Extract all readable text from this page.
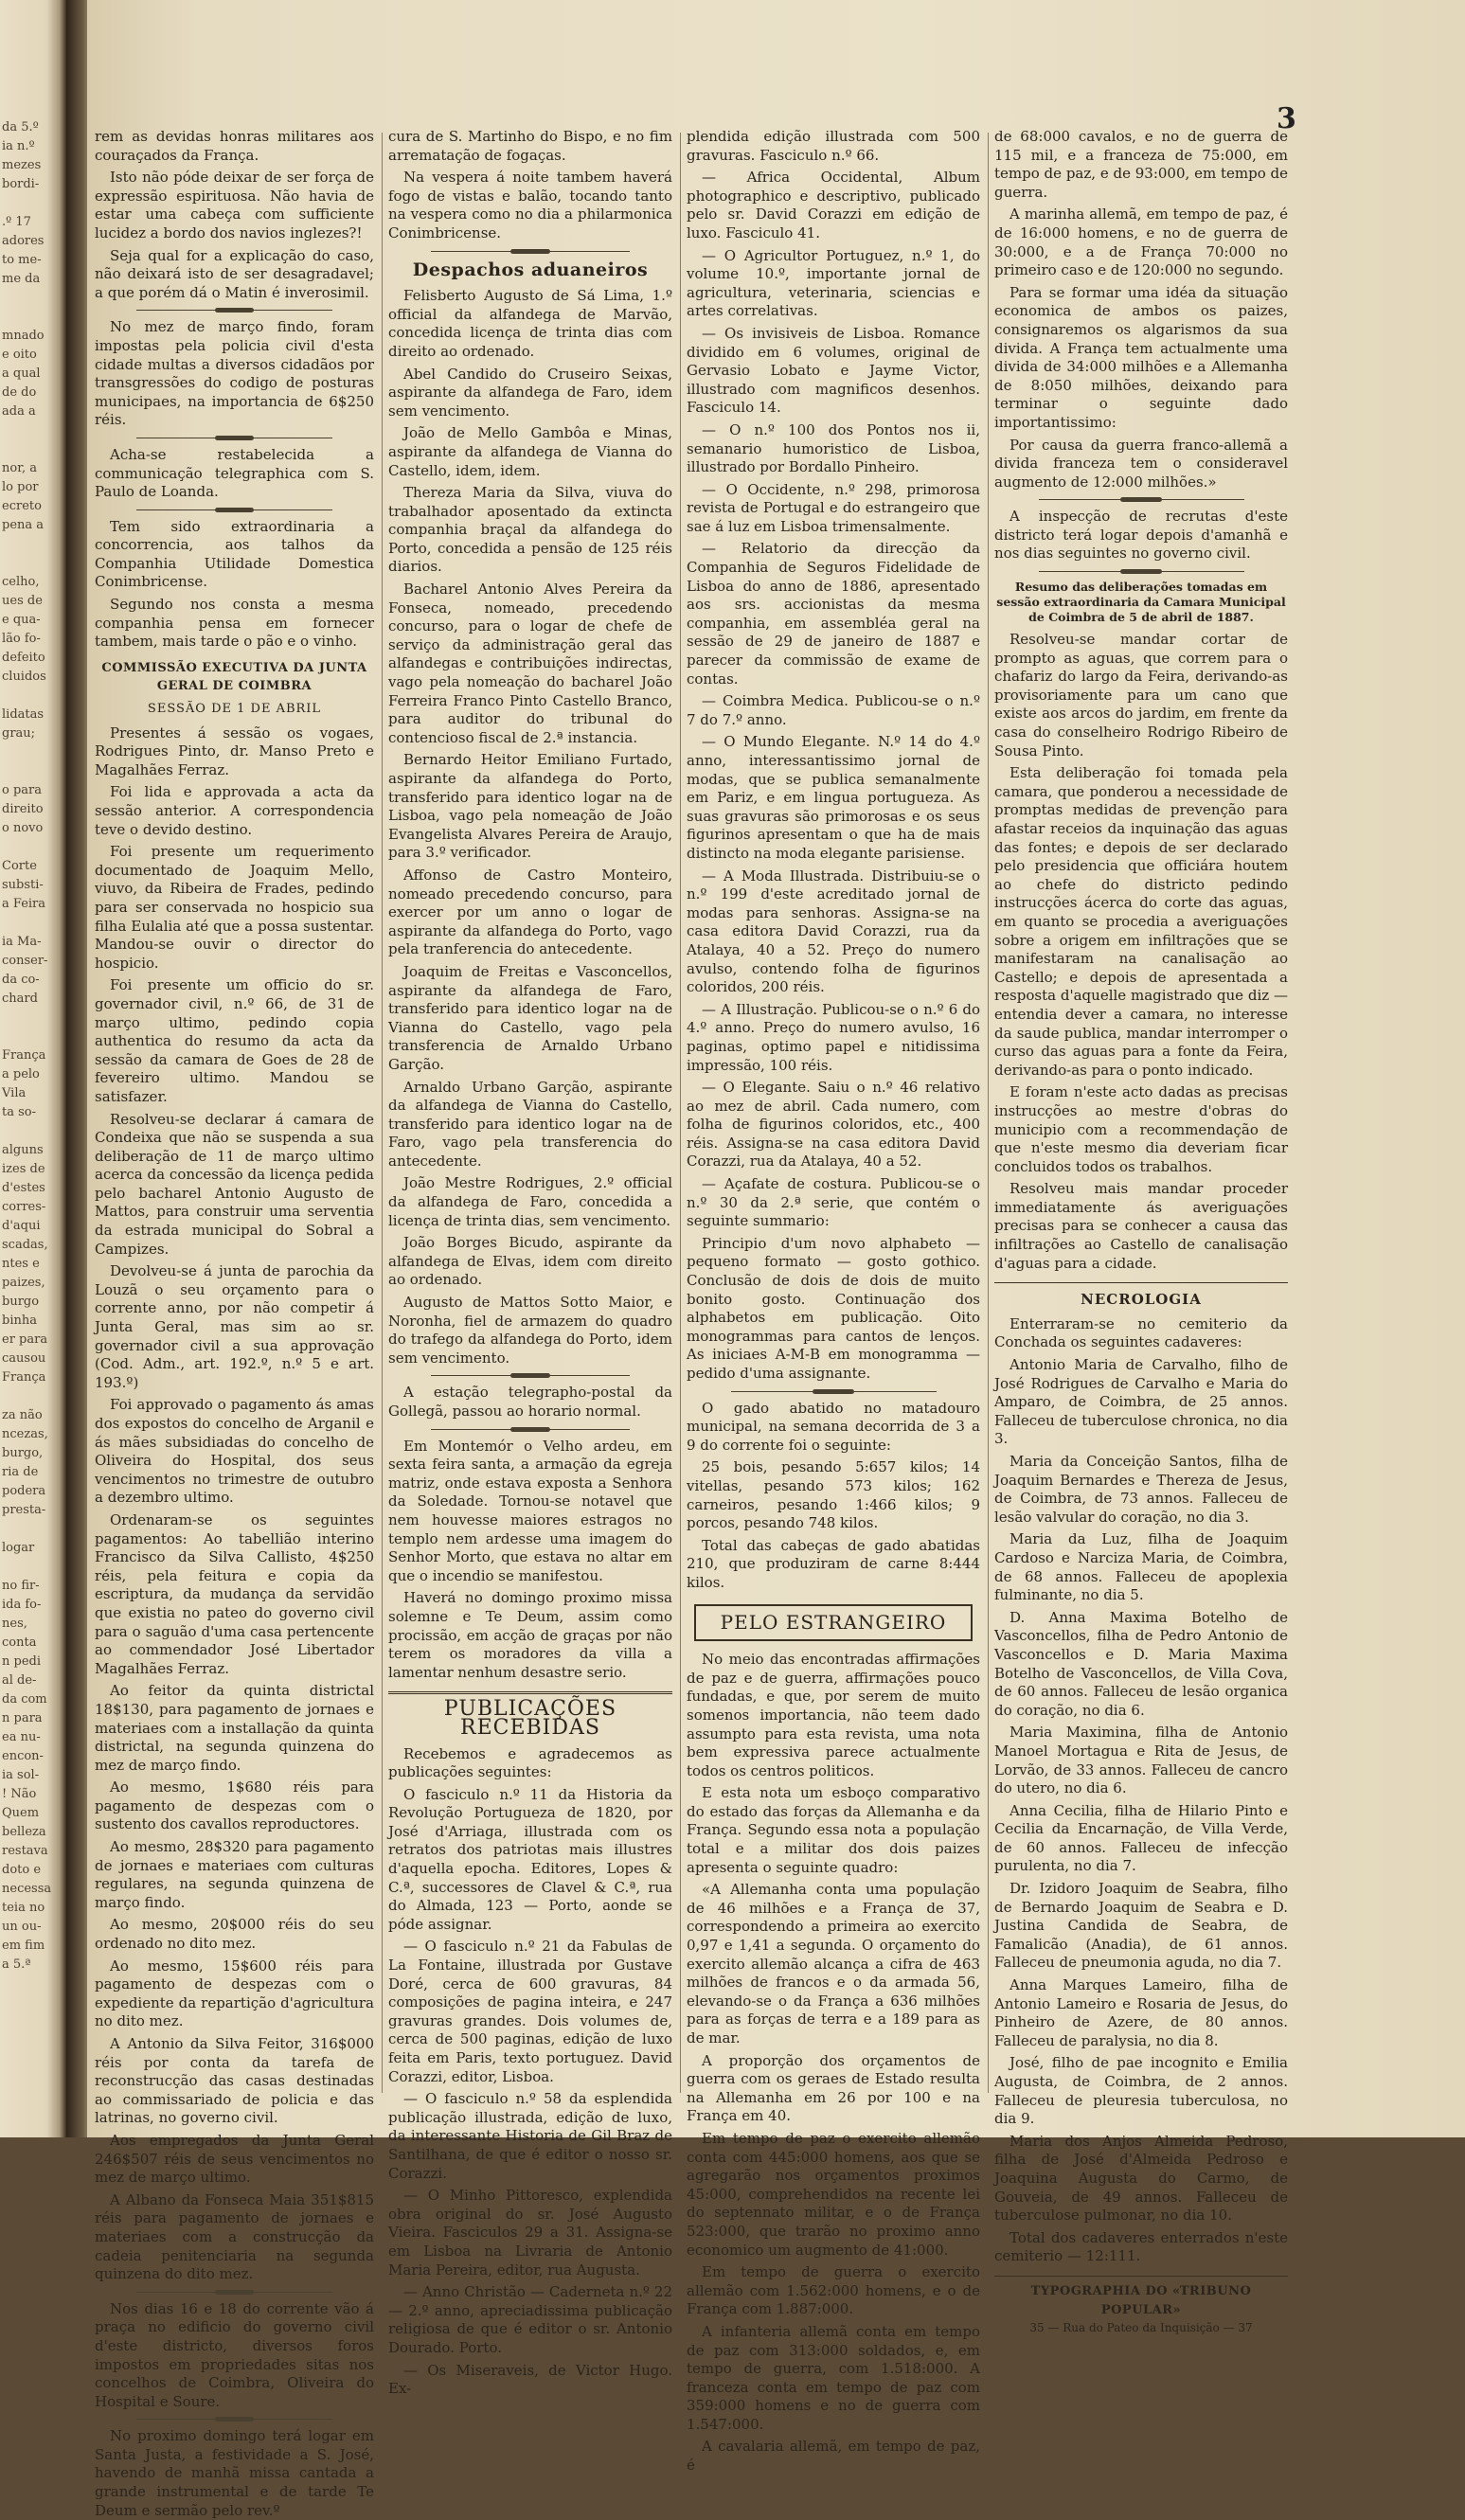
da 5.º
ia n.º
mezes
bordi-

.º 17
adores
to me-
me da

mnado
e oito
a qual
de do
ada a

nor, a
lo por
ecreto
pena a

celho,
ues de
e qua-
lão fo-
defeito
cluidos

lidatas
grau;

o para
direito
o novo

Corte
substi-
a Feira

ia Ma-
conser-
da co-
chard

França
a pelo
Vila
ta so-

alguns
izes de
d'estes
corres-
d'aqui
scadas,
ntes e
paizes,
burgo
binha
er para
causou
França

za não
ncezas,
burgo,
ria de
podera
presta-

logar

no fir-
ida fo-
nes,
conta
n pedi
al de-
da com
n para
ea nu-
encon-
ia sol-
! Não
Quem
belleza
restava
doto e
necessa
teia no
un ou-
em fim
a 5.ª
3

rem as devidas honras militares aos couraçados da França.

Isto não póde deixar de ser força de expressão espirituosa. Não havia de estar uma cabeça com sufficiente lucidez a bordo dos navios inglezes?!

Seja qual for a explicação do caso, não deixará isto de ser desagradavel; a que porém dá o Matin é inverosimil.

No mez de março findo, foram impostas pela policia civil d'esta cidade multas a diversos cidadãos por transgressões do codigo de posturas municipaes, na importancia de 6$250 réis.

Acha-se restabelecida a communicação telegraphica com S. Paulo de Loanda.

Tem sido extraordinaria a concorrencia, aos talhos da Companhia Utilidade Domestica Conimbricense.

Segundo nos consta a mesma companhia pensa em fornecer tambem, mais tarde o pão e o vinho.

COMMISSÃO EXECUTIVA DA JUNTA GERAL DE COIMBRA
SESSÃO DE 1 DE ABRIL

Presentes á sessão os vogaes, Rodrigues Pinto, dr. Manso Preto e Magalhães Ferraz.

Foi lida e approvada a acta da sessão anterior. A correspondencia teve o devido destino.

Foi presente um requerimento documentado de Joaquim Mello, viuvo, da Ribeira de Frades, pedindo para ser conservada no hospicio sua filha Eulalia até que a possa sustentar. Mandou-se ouvir o director do hospicio.

Foi presente um officio do sr. governador civil, n.º 66, de 31 de março ultimo, pedindo copia authentica do resumo da acta da sessão da camara de Goes de 28 de fevereiro ultimo. Mandou se satisfazer.

Resolveu-se declarar á camara de Condeixa que não se suspenda a sua deliberação de 11 de março ultimo acerca da concessão da licença pedida pelo bacharel Antonio Augusto de Mattos, para construir uma serventia da estrada municipal do Sobral a Campizes.

Devolveu-se á junta de parochia da Louzã o seu orçamento para o corrente anno, por não competir á Junta Geral, mas sim ao sr. governador civil a sua approvação (Cod. Adm., art. 192.º, n.º 5 e art. 193.º)

Foi approvado o pagamento ás amas dos expostos do concelho de Arganil e ás mães subsidiadas do concelho de Oliveira do Hospital, dos seus vencimentos no trimestre de outubro a dezembro ultimo.

Ordenaram-se os seguintes pagamentos: Ao tabellião interino Francisco da Silva Callisto, 4$250 réis, pela feitura e copia da escriptura, da mudança da servidão que existia no pateo do governo civil para o saguão d'uma casa pertencente ao commendador José Libertador Magalhães Ferraz.

Ao feitor da quinta districtal 18$130, para pagamento de jornaes e materiaes com a installação da quinta districtal, na segunda quinzena do mez de março findo.

Ao mesmo, 1$680 réis para pagamento de despezas com o sustento dos cavallos reproductores.

Ao mesmo, 28$320 para pagamento de jornaes e materiaes com culturas regulares, na segunda quinzena de março findo.

Ao mesmo, 20$000 réis do seu ordenado no dito mez.

Ao mesmo, 15$600 réis para pagamento de despezas com o expediente da repartição d'agricultura no dito mez.

A Antonio da Silva Feitor, 316$000 réis por conta da tarefa de reconstrucção das casas destinadas ao commissariado de policia e das latrinas, no governo civil.

Aos empregados da Junta Geral 246$507 réis de seus vencimentos no mez de março ultimo.

A Albano da Fonseca Maia 351$815 réis para pagamento de jornaes e materiaes com a construcção da cadeia penitenciaria na segunda quinzena do dito mez.

Nos dias 16 e 18 do corrente vão á praça no edificio do governo civil d'este districto, diversos foros impostos em propriedades sitas nos concelhos de Coimbra, Oliveira do Hospital e Soure.

No proximo domingo terá logar em Santa Justa, a festividade a S. José, havendo de manhã missa cantada a grande instrumental e de tarde Te Deum e sermão pelo rev.º

cura de S. Martinho do Bispo, e no fim arrematação de fogaças.

Na vespera á noite tambem haverá fogo de vistas e balão, tocando tanto na vespera como no dia a philarmonica Conimbricense.

Despachos aduaneiros

Felisberto Augusto de Sá Lima, 1.º official da alfandega de Marvão, concedida licença de trinta dias com direito ao ordenado.

Abel Candido do Cruseiro Seixas, aspirante da alfandega de Faro, idem sem vencimento.

João de Mello Gambôa e Minas, aspirante da alfandega de Vianna do Castello, idem, idem.

Thereza Maria da Silva, viuva do trabalhador aposentado da extincta companhia braçal da alfandega do Porto, concedida a pensão de 125 réis diarios.

Bacharel Antonio Alves Pereira da Fonseca, nomeado, precedendo concurso, para o logar de chefe de serviço da administração geral das alfandegas e contribuições indirectas, vago pela nomeação do bacharel João Ferreira Franco Pinto Castello Branco, para auditor do tribunal do contencioso fiscal de 2.ª instancia.

Bernardo Heitor Emiliano Furtado, aspirante da alfandega do Porto, transferido para identico logar na de Lisboa, vago pela nomeação de João Evangelista Alvares Pereira de Araujo, para 3.º verificador.

Affonso de Castro Monteiro, nomeado precedendo concurso, para exercer por um anno o logar de aspirante da alfandega do Porto, vago pela tranferencia do antecedente.

Joaquim de Freitas e Vasconcellos, aspirante da alfandega de Faro, transferido para identico logar na de Vianna do Castello, vago pela transferencia de Arnaldo Urbano Garção.

Arnaldo Urbano Garção, aspirante da alfandega de Vianna do Castello, transferido para identico logar na de Faro, vago pela transferencia do antecedente.

João Mestre Rodrigues, 2.º official da alfandega de Faro, concedida a licença de trinta dias, sem vencimento.

João Borges Bicudo, aspirante da alfandega de Elvas, idem com direito ao ordenado.

Augusto de Mattos Sotto Maior, e Noronha, fiel de armazem do quadro do trafego da alfandega do Porto, idem sem vencimento.

A estação telegrapho-postal da Gollegã, passou ao horario normal.

Em Montemór o Velho ardeu, em sexta feira santa, a armação da egreja matriz, onde estava exposta a Senhora da Soledade. Tornou-se notavel que nem houvesse maiores estragos no templo nem ardesse uma imagem do Senhor Morto, que estava no altar em que o incendio se manifestou.

Haverá no domingo proximo missa solemne e Te Deum, assim como procissão, em acção de graças por não terem os moradores da villa a lamentar nenhum desastre serio.

PUBLICAÇÕES RECEBIDAS

Recebemos e agradecemos as publicações seguintes:

O fasciculo n.º 11 da Historia da Revolução Portugueza de 1820, por José d'Arriaga, illustrada com os retratos dos patriotas mais illustres d'aquella epocha. Editores, Lopes & C.ª, successores de Clavel & C.ª, rua do Almada, 123 — Porto, aonde se póde assignar.

— O fasciculo n.º 21 da Fabulas de La Fontaine, illustrada por Gustave Doré, cerca de 600 gravuras, 84 composições de pagina inteira, e 247 gravuras grandes. Dois volumes de, cerca de 500 paginas, edição de luxo feita em Paris, texto portuguez. David Corazzi, editor, Lisboa.

— O fasciculo n.º 58 da esplendida publicação illustrada, edição de luxo, da interessante Historia de Gil Braz de Santilhana, de que é editor o nosso sr. Corazzi.

— O Minho Pittoresco, explendida obra original do sr. José Augusto Vieira. Fasciculos 29 a 31. Assigna-se em Lisboa na Livraria de Antonio Maria Pereira, editor, rua Augusta.

— Anno Christão — Caderneta n.º 22 — 2.º anno, apreciadissima publicação religiosa de que é editor o sr. Antonio Dourado. Porto.

— Os Miseraveis, de Victor Hugo. Ex-

plendida edição illustrada com 500 gravuras. Fasciculo n.º 66.

— Africa Occidental, Album photographico e descriptivo, publicado pelo sr. David Corazzi em edição de luxo. Fasciculo 41.

— O Agricultor Portuguez, n.º 1, do volume 10.º, importante jornal de agricultura, veterinaria, sciencias e artes correlativas.

— Os invisiveis de Lisboa. Romance dividido em 6 volumes, original de Gervasio Lobato e Jayme Victor, illustrado com magnificos desenhos. Fasciculo 14.

— O n.º 100 dos Pontos nos ii, semanario humoristico de Lisboa, illustrado por Bordallo Pinheiro.

— O Occidente, n.º 298, primorosa revista de Portugal e do estrangeiro que sae á luz em Lisboa trimensalmente.

— Relatorio da direcção da Companhia de Seguros Fidelidade de Lisboa do anno de 1886, apresentado aos srs. accionistas da mesma companhia, em assembléa geral na sessão de 29 de janeiro de 1887 e parecer da commissão de exame de contas.

— Coimbra Medica. Publicou-se o n.º 7 do 7.º anno.

— O Mundo Elegante. N.º 14 do 4.º anno, interessantissimo jornal de modas, que se publica semanalmente em Pariz, e em lingua portugueza. As suas gravuras são primorosas e os seus figurinos apresentam o que ha de mais distincto na moda elegante parisiense.

— A Moda Illustrada. Distribuiu-se o n.º 199 d'este acreditado jornal de modas para senhoras. Assigna-se na casa editora David Corazzi, rua da Atalaya, 40 a 52. Preço do numero avulso, contendo folha de figurinos coloridos, 200 réis.

— A Illustração. Publicou-se o n.º 6 do 4.º anno. Preço do numero avulso, 16 paginas, optimo papel e nitidissima impressão, 100 réis.

— O Elegante. Saiu o n.º 46 relativo ao mez de abril. Cada numero, com folha de figurinos coloridos, etc., 400 réis. Assigna-se na casa editora David Corazzi, rua da Atalaya, 40 a 52.

— Açafate de costura. Publicou-se o n.º 30 da 2.ª serie, que contém o seguinte summario:

Principio d'um novo alphabeto — pequeno formato — gosto gothico. Conclusão de dois de dois de muito bonito gosto. Continuação dos alphabetos em publicação. Oito monogrammas para cantos de lenços. As iniciaes A-M-B em monogramma — pedido d'uma assignante.

O gado abatido no matadouro municipal, na semana decorrida de 3 a 9 do corrente foi o seguinte:

25 bois, pesando 5:657 kilos; 14 vitellas, pesando 573 kilos; 162 carneiros, pesando 1:466 kilos; 9 porcos, pesando 748 kilos.

Total das cabeças de gado abatidas 210, que produziram de carne 8:444 kilos.

PELO ESTRANGEIRO

No meio das encontradas affirmações de paz e de guerra, affirmações pouco fundadas, e que, por serem de muito somenos importancia, não teem dado assumpto para esta revista, uma nota bem expressiva parece actualmente todos os centros politicos.

E esta nota um esboço comparativo do estado das forças da Allemanha e da França. Segundo essa nota a população total e a militar dos dois paizes apresenta o seguinte quadro:

«A Allemanha conta uma população de 46 milhões e a França de 37, correspondendo a primeira ao exercito 0,97 e 1,41 a segunda. O orçamento do exercito allemão alcança a cifra de 463 milhões de francos e o da armada 56, elevando-se o da França a 636 milhões para as forças de terra e a 189 para as de mar.

A proporção dos orçamentos de guerra com os geraes de Estado resulta na Allemanha em 26 por 100 e na França em 40.

Em tempo de paz o exercito allemão conta com 445:000 homens, aos que se agregarão nos orçamentos proximos 45:000, comprehendidos na recente lei do septennato militar, e o de França 523:000, que trarão no proximo anno economico um augmento de 41:000.

Em tempo de guerra o exercito allemão com 1.562:000 homens, e o de França com 1.887:000.

A infanteria allemã conta em tempo de paz com 313:000 soldados, e, em tempo de guerra, com 1.518:000. A franceza conta em tempo de paz com 359:000 homens e no de guerra com 1.547:000.

A cavalaria allemã, em tempo de paz, é

de 68:000 cavalos, e no de guerra de 115 mil, e a franceza de 75:000, em tempo de paz, e de 93:000, em tempo de guerra.

A marinha allemã, em tempo de paz, é de 16:000 homens, e no de guerra de 30:000, e a de França 70:000 no primeiro caso e de 120:000 no segundo.

Para se formar uma idéa da situação economica de ambos os paizes, consignaremos os algarismos da sua divida. A França tem actualmente uma divida de 34:000 milhões e a Allemanha de 8:050 milhões, deixando para terminar o seguinte dado importantissimo:

Por causa da guerra franco-allemã a divida franceza tem o consideravel augmento de 12:000 milhões.»

A inspecção de recrutas d'este districto terá logar depois d'amanhã e nos dias seguintes no governo civil.

Resumo das deliberações tomadas em sessão extraordinaria da Camara Municipal de Coimbra de 5 de abril de 1887.

Resolveu-se mandar cortar de prompto as aguas, que correm para o chafariz do largo da Feira, derivando-as provisoriamente para um cano que existe aos arcos do jardim, em frente da casa do conselheiro Rodrigo Ribeiro de Sousa Pinto.

Esta deliberação foi tomada pela camara, que ponderou a necessidade de promptas medidas de prevenção para afastar receios da inquinação das aguas das fontes; e depois de ser declarado pelo presidencia que officiára houtem ao chefe do districto pedindo instrucções ácerca do corte das aguas, em quanto se procedia a averiguações sobre a origem em infiltrações que se manifestaram na canalisação ao Castello; e depois de apresentada a resposta d'aquelle magistrado que diz — entendia dever a camara, no interesse da saude publica, mandar interromper o curso das aguas para a fonte da Feira, derivando-as para o ponto indicado.

E foram n'este acto dadas as precisas instrucções ao mestre d'obras do municipio com a recommendação de que n'este mesmo dia deveriam ficar concluidos todos os trabalhos.

Resolveu mais mandar proceder immediatamente ás averiguações precisas para se conhecer a causa das infiltrações ao Castello de canalisação d'aguas para a cidade.

NECROLOGIA

Enterraram-se no cemiterio da Conchada os seguintes cadaveres:

Antonio Maria de Carvalho, filho de José Rodrigues de Carvalho e Maria do Amparo, de Coimbra, de 25 annos. Falleceu de tuberculose chronica, no dia 3.

Maria da Conceição Santos, filha de Joaquim Bernardes e Thereza de Jesus, de Coimbra, de 73 annos. Falleceu de lesão valvular do coração, no dia 3.

Maria da Luz, filha de Joaquim Cardoso e Narciza Maria, de Coimbra, de 68 annos. Falleceu de apoplexia fulminante, no dia 5.

D. Anna Maxima Botelho de Vasconcellos, filha de Pedro Antonio de Vasconcellos e D. Maria Maxima Botelho de Vasconcellos, de Villa Cova, de 60 annos. Falleceu de lesão organica do coração, no dia 6.

Maria Maximina, filha de Antonio Manoel Mortagua e Rita de Jesus, de Lorvão, de 33 annos. Falleceu de cancro do utero, no dia 6.

Anna Cecilia, filha de Hilario Pinto e Cecilia da Encarnação, de Villa Verde, de 60 annos. Falleceu de infecção purulenta, no dia 7.

Dr. Izidoro Joaquim de Seabra, filho de Bernardo Joaquim de Seabra e D. Justina Candida de Seabra, de Famalicão (Anadia), de 61 annos. Falleceu de pneumonia aguda, no dia 7.

Anna Marques Lameiro, filha de Antonio Lameiro e Rosaria de Jesus, do Pinheiro de Azere, de 80 annos. Falleceu de paralysia, no dia 8.

José, filho de pae incognito e Emilia Augusta, de Coimbra, de 2 annos. Falleceu de pleuresia tuberculosa, no dia 9.

Maria dos Anjos Almeida Pedroso, filha de José d'Almeida Pedroso e Joaquina Augusta do Carmo, de Gouveia, de 49 annos. Falleceu de tuberculose pulmonar, no dia 10.

Total dos cadaveres enterrados n'este cemiterio — 12:111.

TYPOGRAPHIA DO «TRIBUNO POPULAR»
35 — Rua do Pateo da Inquisição — 37
